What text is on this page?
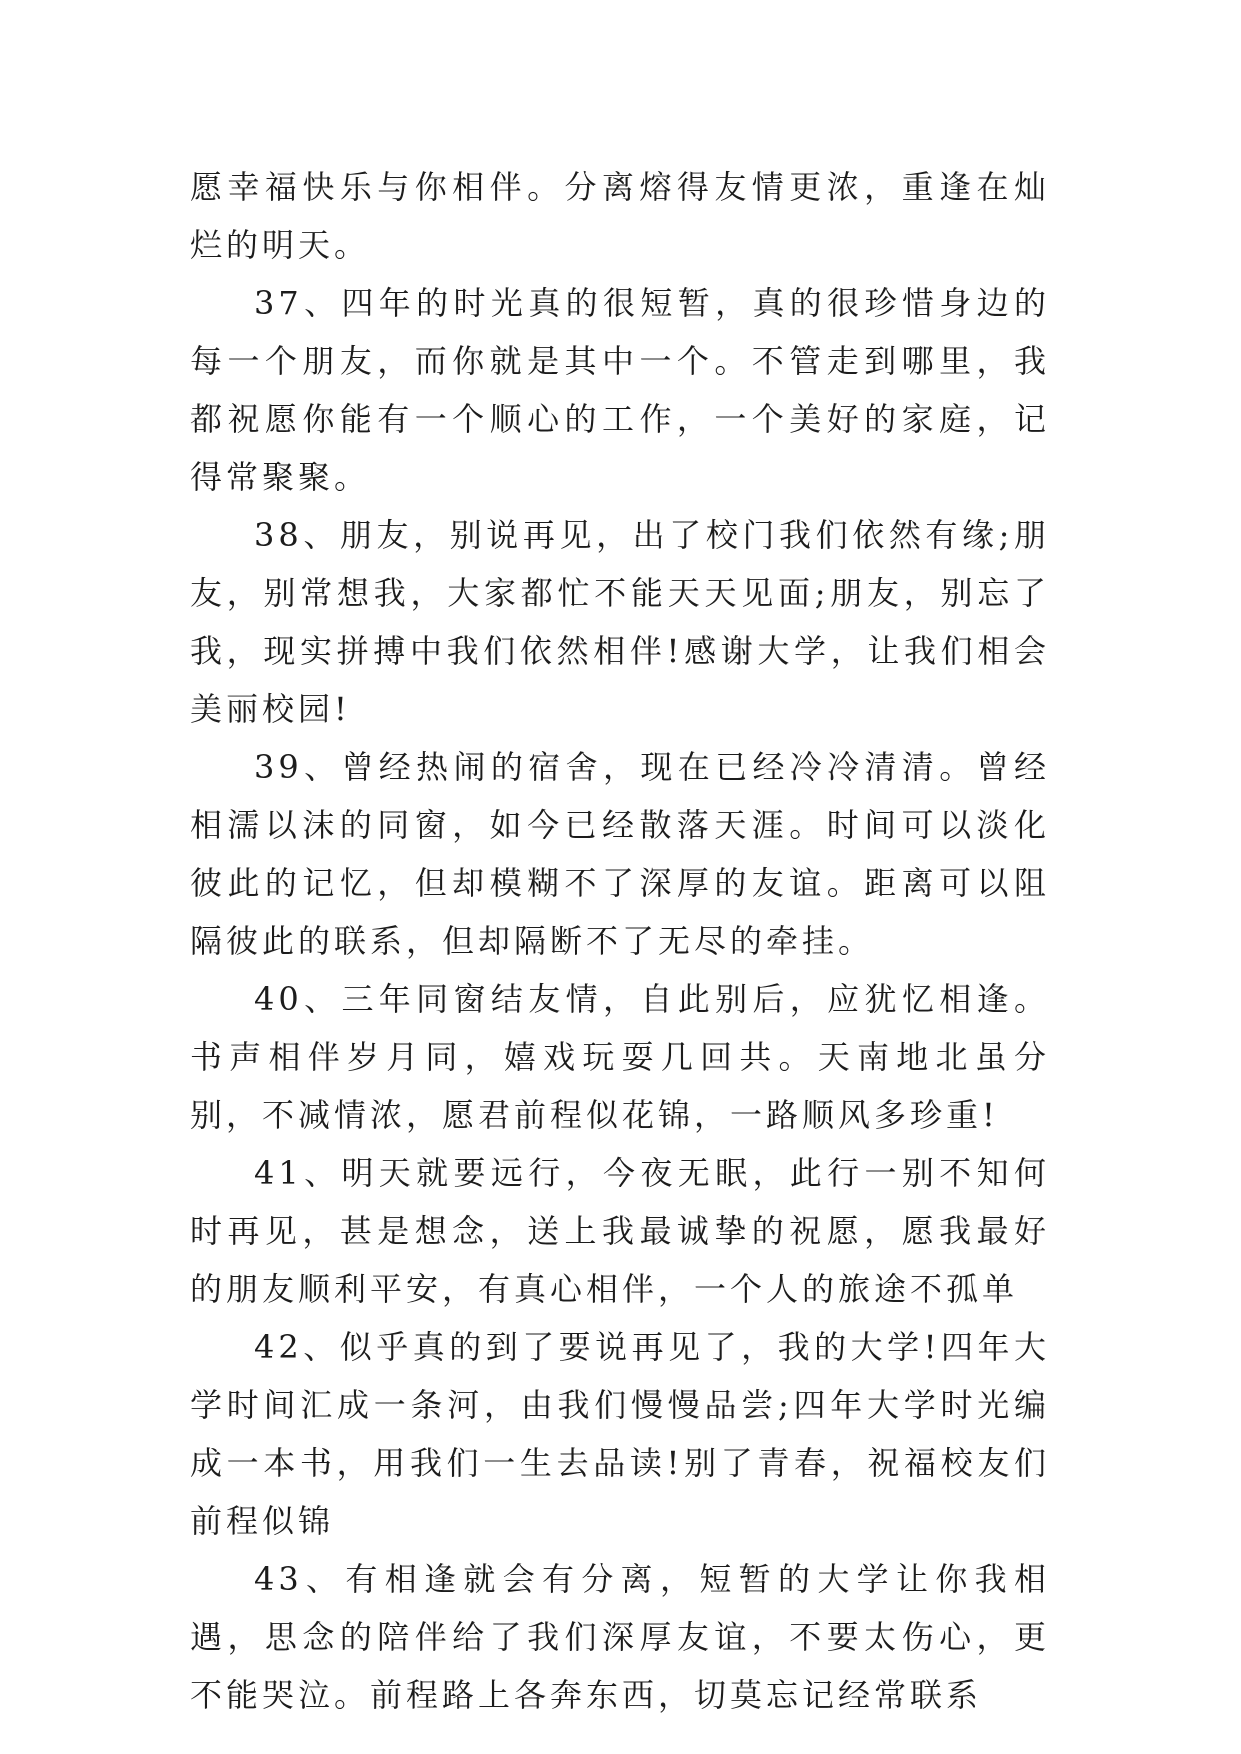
愿幸福快乐与你相伴。分离熔得友情更浓，重逢在灿烂的明天。

37、四年的时光真的很短暂，真的很珍惜身边的每一个朋友，而你就是其中一个。不管走到哪里，我都祝愿你能有一个顺心的工作，一个美好的家庭，记得常聚聚。

38、朋友，别说再见，出了校门我们依然有缘;朋友，别常想我，大家都忙不能天天见面;朋友，别忘了我，现实拼搏中我们依然相伴!感谢大学，让我们相会美丽校园!

39、曾经热闹的宿舍，现在已经冷冷清清。曾经相濡以沫的同窗，如今已经散落天涯。时间可以淡化彼此的记忆，但却模糊不了深厚的友谊。距离可以阻隔彼此的联系，但却隔断不了无尽的牵挂。

40、三年同窗结友情，自此别后，应犹忆相逢。书声相伴岁月同，嬉戏玩耍几回共。天南地北虽分别，不减情浓，愿君前程似花锦，一路顺风多珍重!

41、明天就要远行，今夜无眠，此行一别不知何时再见，甚是想念，送上我最诚挚的祝愿，愿我最好的朋友顺利平安，有真心相伴，一个人的旅途不孤单

42、似乎真的到了要说再见了，我的大学!四年大学时间汇成一条河，由我们慢慢品尝;四年大学时光编成一本书，用我们一生去品读!别了青春，祝福校友们前程似锦

43、有相逢就会有分离，短暂的大学让你我相遇，思念的陪伴给了我们深厚友谊，不要太伤心，更不能哭泣。前程路上各奔东西，切莫忘记经常联系
